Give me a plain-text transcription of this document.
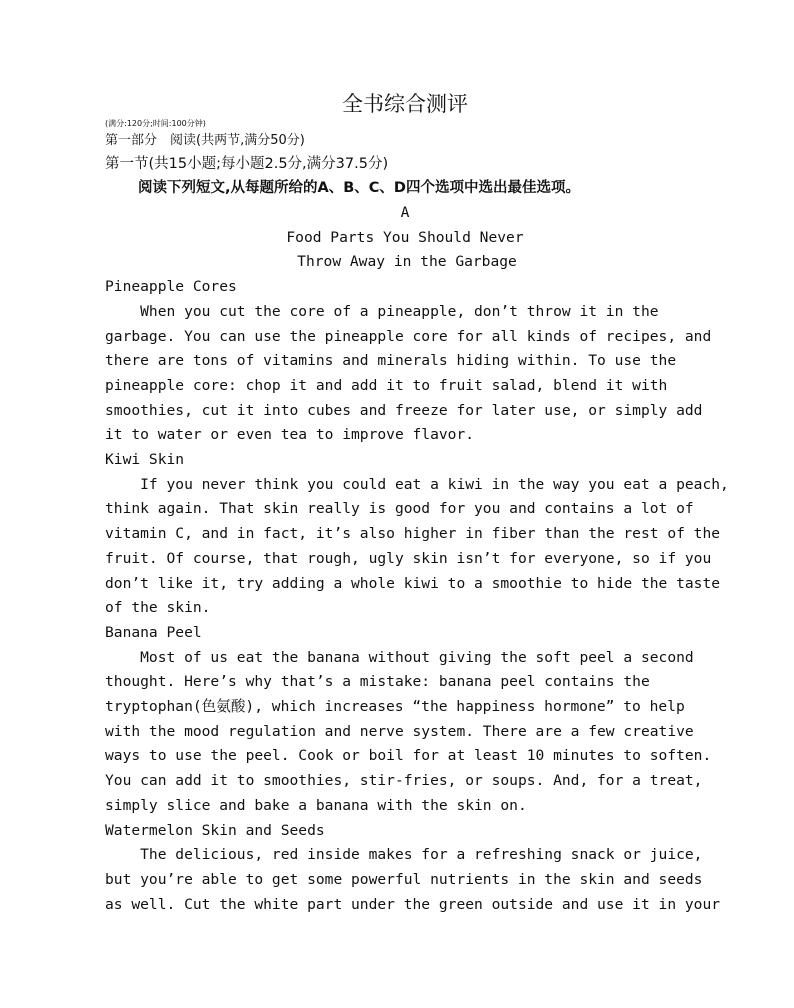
全书综合测评
(满分:120分;时间:100分钟)
第一部分　阅读(共两节,满分50分)
第一节(共15小题;每小题2.5分,满分37.5分)
阅读下列短文,从每题所给的A、B、C、D四个选项中选出最佳选项。
A
Food Parts You Should Never
Throw Away in the Garbage
Pineapple Cores
When you cut the core of a pineapple, don’t throw it in the
garbage. You can use the pineapple core for all kinds of recipes, and
there are tons of vitamins and minerals hiding within. To use the
pineapple core: chop it and add it to fruit salad, blend it with
smoothies, cut it into cubes and freeze for later use, or simply add
it to water or even tea to improve flavor.
Kiwi Skin
If you never think you could eat a kiwi in the way you eat a peach,
think again. That skin really is good for you and contains a lot of
vitamin C, and in fact, it’s also higher in fiber than the rest of the
fruit. Of course, that rough, ugly skin isn’t for everyone, so if you
don’t like it, try adding a whole kiwi to a smoothie to hide the taste
of the skin.
Banana Peel
Most of us eat the banana without giving the soft peel a second
thought. Here’s why that’s a mistake: banana peel contains the
tryptophan(色氨酸), which increases “the happiness hormone” to help
with the mood regulation and nerve system. There are a few creative
ways to use the peel. Cook or boil for at least 10 minutes to soften.
You can add it to smoothies, stir-fries, or soups. And, for a treat,
simply slice and bake a banana with the skin on.
Watermelon Skin and Seeds
The delicious, red inside makes for a refreshing snack or juice,
but you’re able to get some powerful nutrients in the skin and seeds
as well. Cut the white part under the green outside and use it in your
